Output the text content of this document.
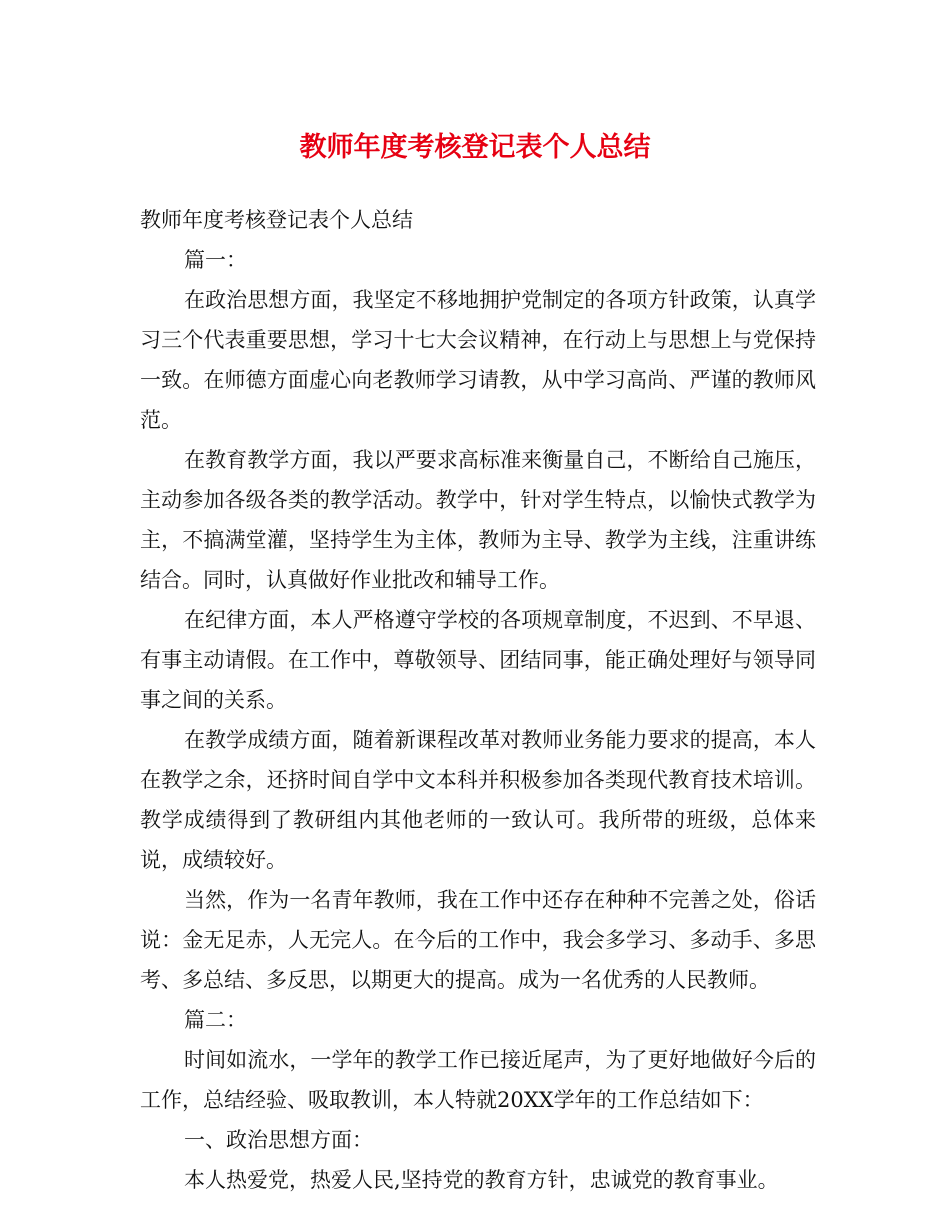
教师年度考核登记表个人总结

教师年度考核登记表个人总结

篇一：

在政治思想方面，我坚定不移地拥护党制定的各项方针政策，认真学习三个代表重要思想，学习十七大会议精神，在行动上与思想上与党保持一致。在师德方面虚心向老教师学习请教，从中学习高尚、严谨的教师风范。

在教育教学方面，我以严要求高标准来衡量自己，不断给自己施压，主动参加各级各类的教学活动。教学中，针对学生特点，以愉快式教学为主，不搞满堂灌，坚持学生为主体，教师为主导、教学为主线，注重讲练结合。同时，认真做好作业批改和辅导工作。

在纪律方面，本人严格遵守学校的各项规章制度，不迟到、不早退、有事主动请假。在工作中，尊敬领导、团结同事，能正确处理好与领导同事之间的关系。

在教学成绩方面，随着新课程改革对教师业务能力要求的提高，本人在教学之余，还挤时间自学中文本科并积极参加各类现代教育技术培训。教学成绩得到了教研组内其他老师的一致认可。我所带的班级，总体来说，成绩较好。

当然，作为一名青年教师，我在工作中还存在种种不完善之处，俗话说：金无足赤，人无完人。在今后的工作中，我会多学习、多动手、多思考、多总结、多反思，以期更大的提高。成为一名优秀的人民教师。

篇二：

时间如流水，一学年的教学工作已接近尾声，为了更好地做好今后的工作，总结经验、吸取教训，本人特就20XX学年的工作总结如下：

一、政治思想方面：

本人热爱党，热爱人民,坚持党的教育方针，忠诚党的教育事业。
